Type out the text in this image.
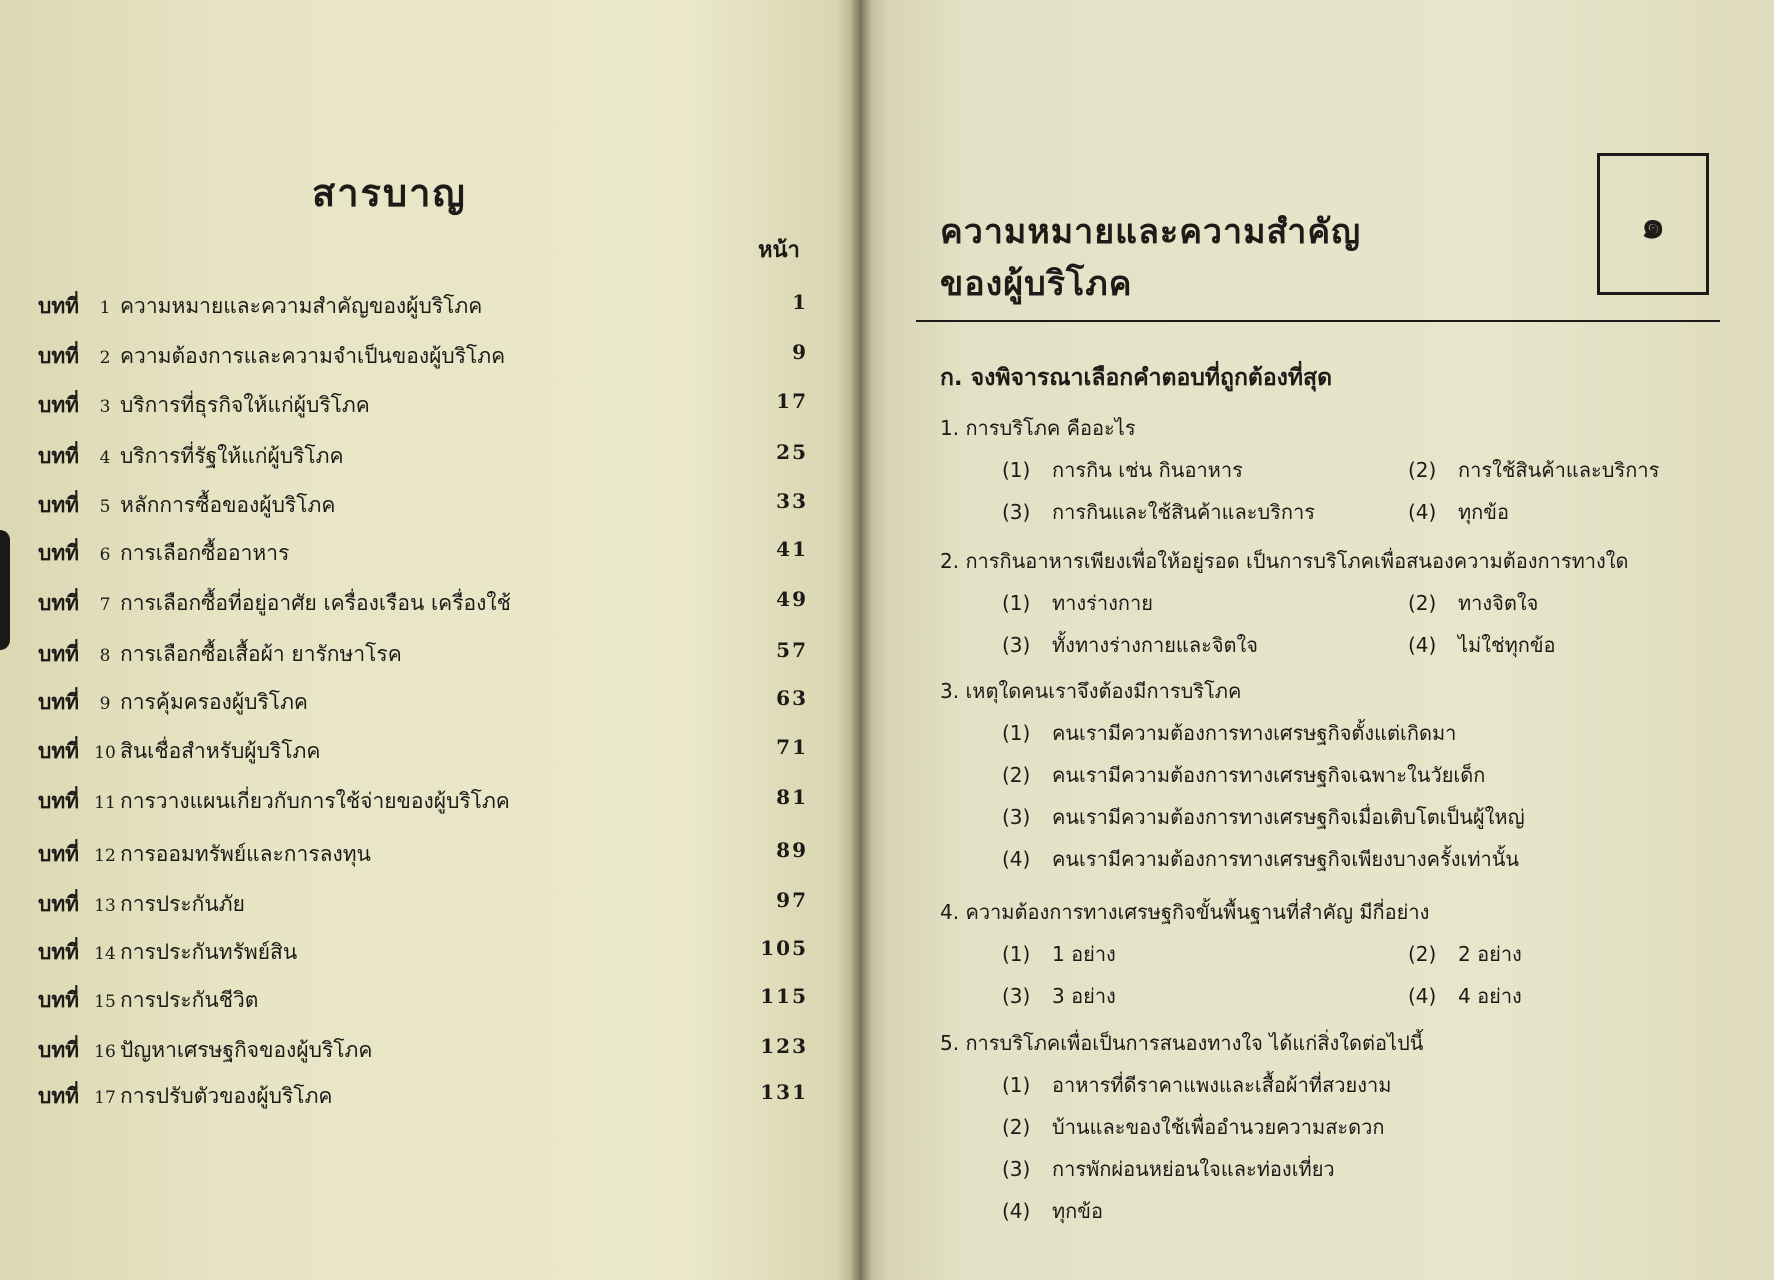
สารบาญ
หน้า
บทที่	1 ความหมายและความสำคัญของผู้บริโภค	1
บทที่	2 ความต้องการและความจำเป็นของผู้บริโภค	9
บทที่	3 บริการที่ธุรกิจให้แก่ผู้บริโภค	17
บทที่	4 บริการที่รัฐให้แก่ผู้บริโภค	25
บทที่	5 หลักการซื้อของผู้บริโภค	33
บทที่	6 การเลือกซื้ออาหาร	41
บทที่	7 การเลือกซื้อที่อยู่อาศัย เครื่องเรือน เครื่องใช้	49
บทที่	8 การเลือกซื้อเสื้อผ้า ยารักษาโรค	57
บทที่	9 การคุ้มครองผู้บริโภค	63
บทที่ 10 สินเชื่อสำหรับผู้บริโภค	71
บทที่ 11 การวางแผนเกี่ยวกับการใช้จ่ายของผู้บริโภค	81
บทที่ 12 การออมทรัพย์และการลงทุน	89
บทที่ 13 การประกันภัย	97
บทที่ 14 การประกันทรัพย์สิน	105
บทที่ 15 การประกันชีวิต	115
บทที่ 16 ปัญหาเศรษฐกิจของผู้บริโภค	123
บทที่ 17 การปรับตัวของผู้บริโภค	131
ความหมายและความสำคัญ
ของผู้บริโภค
๑
ก. จงพิจารณาเลือกคำตอบที่ถูกต้องที่สุด
1. การบริโภค คืออะไร
(1) การกิน เช่น กินอาหาร	(2) การใช้สินค้าและบริการ
(3) การกินและใช้สินค้าและบริการ	(4) ทุกข้อ
2. การกินอาหารเพียงเพื่อให้อยู่รอด เป็นการบริโภคเพื่อสนองความต้องการทางใด
(1) ทางร่างกาย	(2) ทางจิตใจ
(3) ทั้งทางร่างกายและจิตใจ	(4) ไม่ใช่ทุกข้อ
3. เหตุใดคนเราจึงต้องมีการบริโภค
(1) คนเรามีความต้องการทางเศรษฐกิจตั้งแต่เกิดมา
(2) คนเรามีความต้องการทางเศรษฐกิจเฉพาะในวัยเด็ก
(3) คนเรามีความต้องการทางเศรษฐกิจเมื่อเติบโตเป็นผู้ใหญ่
(4) คนเรามีความต้องการทางเศรษฐกิจเพียงบางครั้งเท่านั้น
4. ความต้องการทางเศรษฐกิจขั้นพื้นฐานที่สำคัญ มีกี่อย่าง
(1) 1 อย่าง	(2) 2 อย่าง
(3) 3 อย่าง	(4) 4 อย่าง
5. การบริโภคเพื่อเป็นการสนองทางใจ ได้แก่สิ่งใดต่อไปนี้
(1) อาหารที่ดีราคาแพงและเสื้อผ้าที่สวยงาม
(2) บ้านและของใช้เพื่ออำนวยความสะดวก
(3) การพักผ่อนหย่อนใจและท่องเที่ยว
(4) ทุกข้อ
